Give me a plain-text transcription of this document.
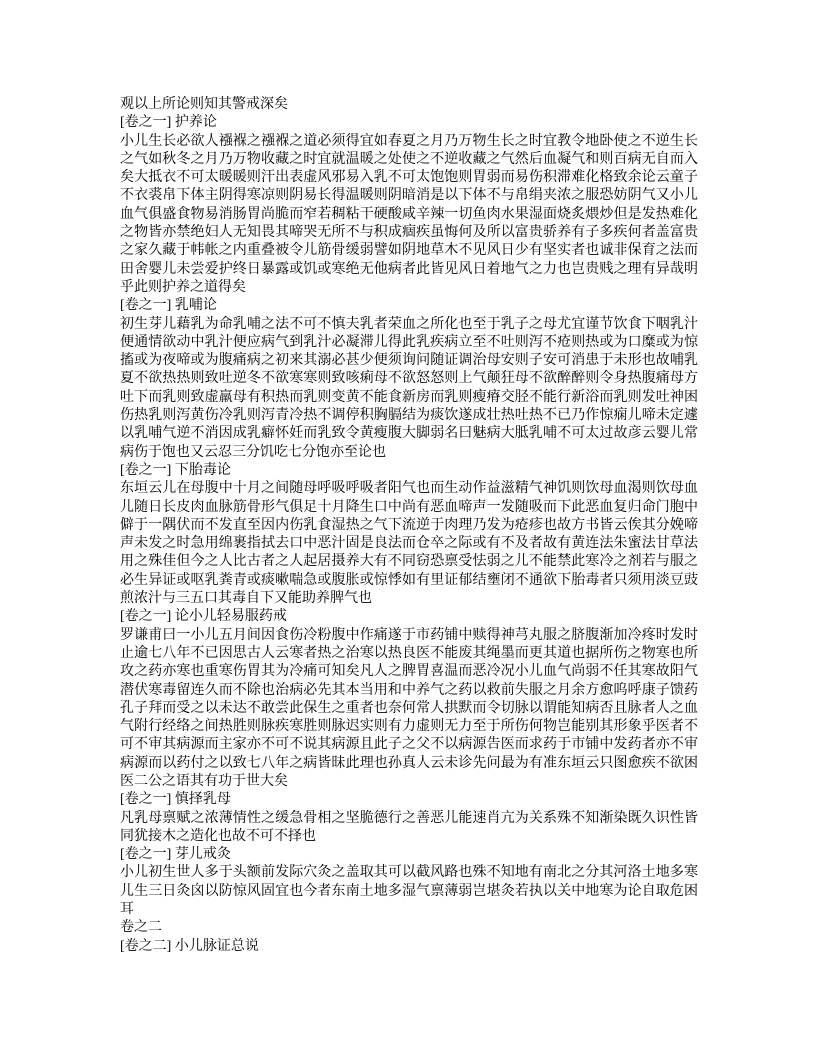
观以上所论则知其警戒深矣
[卷之一] 护养论
小儿生长必欲人襁褓之襁褓之道必须得宜如春夏之月乃万物生长之时宜教令地卧使之不逆生长之气如秋冬之月乃万物收藏之时宜就温暖之处使之不逆收藏之气然后血凝气和则百病无自而入矣大抵衣不可太暖暖则汗出表虚风邪易入乳不可太饱饱则胃弱而易伤积滞难化格致余论云童子不衣裘帛下体主阴得寒凉则阴易长得温暖则阴暗消是以下体不与帛绢夹浓之服恐妨阴气又小儿血气俱盛食物易消肠胃尚脆而窄若稠粘干硬酸咸辛辣一切鱼肉水果湿面烧炙煨炒但是发热难化之物皆亦禁绝妇人无知畏其啼哭无所不与积成痼疾虽悔何及所以富贵骄养有子多疾何者盖富贵之家久藏于帏帐之内重叠被令儿筋骨缓弱譬如阴地草木不见风日少有坚实者也诚非保育之法而田舍婴儿未尝爱护终日暴露或饥或寒绝无他病者此皆见风日着地气之力也岂贵贱之理有异哉明乎此则护养之道得矣
[卷之一] 乳哺论
初生芽儿藉乳为命乳哺之法不可不慎夫乳者荣血之所化也至于乳子之母尤宜谨节饮食下咽乳汁便通情欲动中乳汁便应病气到乳汁必凝滞儿得此乳疾病立至不吐则泻不疮则热或为口糜或为惊搐或为夜啼或为腹痛病之初来其溺必甚少便须询问随证调治母安则子安可消患于未形也故哺乳夏不欲热热则致吐逆冬不欲寒寒则致咳痢母不欲怒怒则上气颠狂母不欲醉醉则令身热腹痛母方吐下而乳则致虚羸母有积热而乳则变黄不能食新房而乳则瘦瘠交胫不能行新浴而乳则发吐神困伤热乳则泻黄伤冷乳则泻青冷热不调停积胸膈结为痰饮遂成壮热吐热不已乃作惊痫儿啼未定遽以乳哺气逆不消因成乳癖怀妊而乳致令黄瘦腹大脚弱名曰魅病大胝乳哺不可太过故彦云婴儿常病伤于饱也又云忍三分饥吃七分饱亦至论也
[卷之一] 下胎毒论
东垣云儿在母腹中十月之间随母呼吸呼吸者阳气也而生动作益滋精气神饥则饮母血渴则饮母血儿随日长皮肉血脉筋骨形气俱足十月降生口中尚有恶血啼声一发随吸而下此恶血复归命门胞中僻于一隅伏而不发直至因内伤乳食湿热之气下流逆于肉理乃发为疮疹也故方书皆云俟其分娩啼声未发之时急用绵裹指拭去口中恶汁固是良法而仓卒之际或有不及者故有黄连法朱蜜法甘草法用之殊佳但今之人比古者之人起居摄养大有不同窃恐禀受怯弱之儿不能禁此寒冷之剂若与服之必生异证或呕乳粪青或痰嗽喘急或腹胀或惊悸如有里证郁结壅闭不通欲下胎毒者只须用淡豆豉煎浓汁与三五口其毒自下又能助养脾气也
[卷之一] 论小儿轻易服药戒
罗谦甫曰一小儿五月间因食伤冷粉腹中作痛遂于市药铺中赎得神芎丸服之脐腹渐加冷疼时发时止逾七八年不已因思古人云寒者热之治寒以热良医不能废其绳墨而更其道也据所伤之物寒也所攻之药亦寒也重寒伤胃其为冷痛可知矣凡人之脾胃喜温而恶冷况小儿血气尚弱不任其寒故阳气潜伏寒毒留连久而不除也治病必先其本当用和中养气之药以救前失服之月余方愈呜呼康子馈药孔子拜而受之以未达不敢尝此保生之重者也奈何常人拱默而令切脉以谓能知病否且脉者人之血气附行经络之间热胜则脉疾寒胜则脉迟实则有力虚则无力至于所伤何物岂能别其形象乎医者不可不审其病源而主家亦不可不说其病源且此子之父不以病源告医而求药于市铺中发药者亦不审病源而以药付之以致七八年之病皆昧此理也孙真人云未诊先问最为有准东垣云只图愈疾不欲困医二公之语其有功于世大矣
[卷之一] 慎择乳母
凡乳母禀赋之浓薄情性之缓急骨相之坚脆德行之善恶儿能速肖亢为关系殊不知渐染既久识性皆同犹接木之造化也故不可不择也
[卷之一] 芽儿戒灸
小儿初生世人多于头额前发际穴灸之盖取其可以截风路也殊不知地有南北之分其河洛土地多寒儿生三日灸囟以防惊风固宜也今者东南土地多湿气禀薄弱岂堪灸若执以关中地寒为论自取危困耳
卷之二
[卷之二] 小儿脉证总说
